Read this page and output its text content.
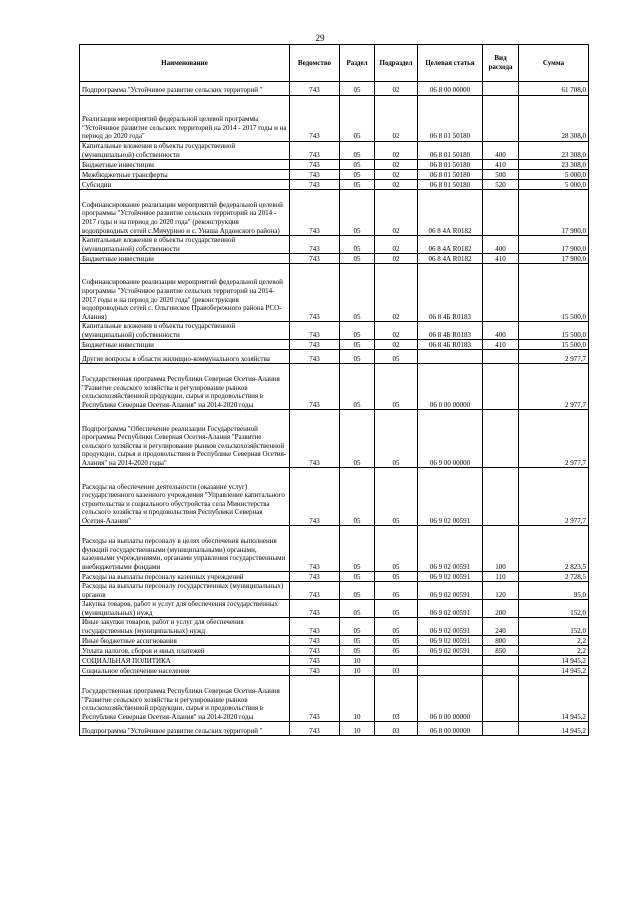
29
Наименование	Ведомство	Раздел	Подраздел	Целевая статья	Вид расхода	Сумма
Подпрограмма "Устойчивое развитие сельских территорий "	743	05	02	06 8 00 00000		61 708,0
Реализация мероприятий федеральной целевой программы "Устойчивое развитие сельских территорий на 2014 - 2017 годы и на период до 2020 года"	743	05	02	06 8 01 50180		28 308,0
Капитальные вложения в объекты государственной (муниципальной) собственности	743	05	02	06 8 01 50180	400	23 308,0
Бюджетные инвестиции	743	05	02	06 8 01 50180	410	23 308,0
Межбюджетные трансферты	743	05	02	06 8 01 50180	500	5 000,0
Субсидии	743	05	02	06 8 01 50180	520	5 000,0
Софинансирование реализации мероприятий федеральной целевой программы "Устойчивое развитие сельских территорий на 2014 - 2017 годы и на период до 2020 года" (реконструкция водопроводных сетей с.Мичурино и с. Унаша Ардонского района)	743	05	02	06 8 4А R0182		17 900,0
Капитальные вложения в объекты государственной (муниципальной) собственности	743	05	02	06 8 4А R0182	400	17 900,0
Бюджетные инвестиции	743	05	02	06 8 4А R0182	410	17 900,0
Софинансирование реализации мероприятий федеральной целевой программы "Устойчивое развитие сельских территорий на 2014-2017 годы и на период до 2020 года" (реконструкция водопроводных сетей с. Ольгинское Правобережного района РСО- Алания)	743	05	02	06 8 4Б R0183		15 500,0
Капитальные вложения в объекты государственной (муниципальной) собственности	743	05	02	06 8 4Б R0183	400	15 500,0
Бюджетные инвестиции	743	05	02	06 8 4Б R0183	410	15 500,0
Другие вопросы в области жилищно-коммунального хозяйства	743	05	05			2 977,7
Государственная программа Республики Северная Осетия-Алания "Развитие сельского хозяйства и регулирование рынков сельскохозяйственной продукции, сырья и продовольствия в Республике Северная Осетия-Алания" на 2014-2020 годы	743	05	05	06 0 00 00000		2 977,7
Подпрограмма "Обеспечение реализации Государственной программы Республики Северная Осетия-Алания "Развитие сельского хозяйства и регулирование рынков сельскохозяйственной продукции, сырья и продовольствия в Республике Северная Осетия-Алания" на 2014-2020 годы"	743	05	05	06 9 00 00000		2 977,7
Расходы на обеспечение деятельности (оказание услуг) государственного казенного учреждения "Управление капитального строительства и социального обустройства села Министерства сельского хозяйства и продовольствия Республики Северная Осетия-Алания"	743	05	05	06 9 02 00591		2 977,7
Расходы на выплаты персоналу в целях обеспечения выполнения функций государственными (муниципальными) органами, казенными учреждениями, органами управления государственными внебюджетными фондами	743	05	05	06 9 02 00591	100	2 823,5
Расходы на выплаты персоналу казенных учреждений	743	05	05	06 9 02 00591	110	2 728,5
Расходы на выплаты персоналу государственных (муниципальных) органов	743	05	05	06 9 02 00591	120	95,0
Закупка товаров, работ и услуг для обеспечения государственных (муниципальных) нужд	743	05	05	06 9 02 00591	200	152,0
Иные закупки товаров, работ и услуг для обеспечения государственных (муниципальных) нужд	743	05	05	06 9 02 00591	240	152,0
Иные бюджетные ассигнования	743	05	05	06 9 02 00591	800	2,2
Уплата налогов, сборов и иных платежей	743	05	05	06 9 02 00591	850	2,2
СОЦИАЛЬНАЯ ПОЛИТИКА	743	10				14 945,2
Социальное обеспечение населения	743	10	03			14 945,2
Государственная программа Республики Северная Осетия-Алания "Развитие сельского хозяйства и регулирование рынков сельскохозяйственной продукции, сырья и продовольствия в Республике Северная Осетия-Алания" на 2014-2020 годы	743	10	03	06 0 00 00000		14 945,2
Подпрограмма "Устойчивое развитие сельских территорий "	743	10	03	06 8 00 00000		14 945,2
